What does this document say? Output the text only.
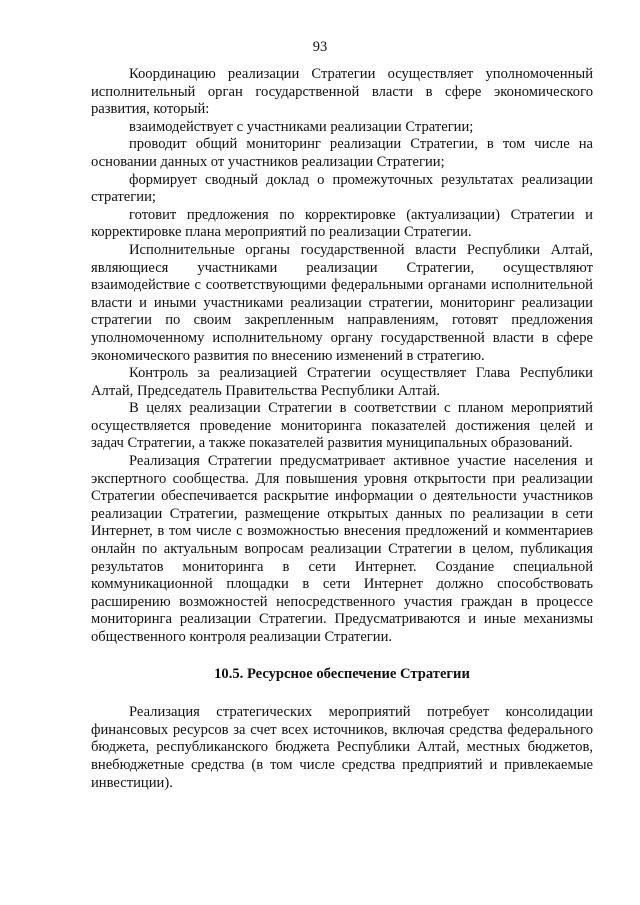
93

Координацию реализации Стратегии осуществляет уполномоченный исполнительный орган государственной власти в сфере экономического развития, который:

взаимодействует с участниками реализации Стратегии;

проводит общий мониторинг реализации Стратегии, в том числе на основании данных от участников реализации Стратегии;

формирует сводный доклад о промежуточных результатах реализации стратегии;

готовит предложения по корректировке (актуализации) Стратегии и корректировке плана мероприятий по реализации Стратегии.

Исполнительные органы государственной власти Республики Алтай, являющиеся участниками реализации Стратегии, осуществляют взаимодействие с соответствующими федеральными органами исполнительной власти и иными участниками реализации стратегии, мониторинг реализации стратегии по своим закрепленным направлениям, готовят предложения уполномоченному исполнительному органу государственной власти в сфере экономического развития по внесению изменений в стратегию.

Контроль за реализацией Стратегии осуществляет Глава Республики Алтай, Председатель Правительства Республики Алтай.

В целях реализации Стратегии в соответствии с планом мероприятий осуществляется проведение мониторинга показателей достижения целей и задач Стратегии, а также показателей развития муниципальных образований.

Реализация Стратегии предусматривает активное участие населения и экспертного сообщества. Для повышения уровня открытости при реализации Стратегии обеспечивается раскрытие информации о деятельности участников реализации Стратегии, размещение открытых данных по реализации в сети Интернет, в том числе с возможностью внесения предложений и комментариев онлайн по актуальным вопросам реализации Стратегии в целом, публикация результатов мониторинга в сети Интернет. Создание специальной коммуникационной площадки в сети Интернет должно способствовать расширению возможностей непосредственного участия граждан в процессе мониторинга реализации Стратегии. Предусматриваются и иные механизмы общественного контроля реализации Стратегии.

10.5. Ресурсное обеспечение Стратегии

Реализация стратегических мероприятий потребует консолидации финансовых ресурсов за счет всех источников, включая средства федерального бюджета, республиканского бюджета Республики Алтай, местных бюджетов, внебюджетные средства (в том числе средства предприятий и привлекаемые инвестиции).
